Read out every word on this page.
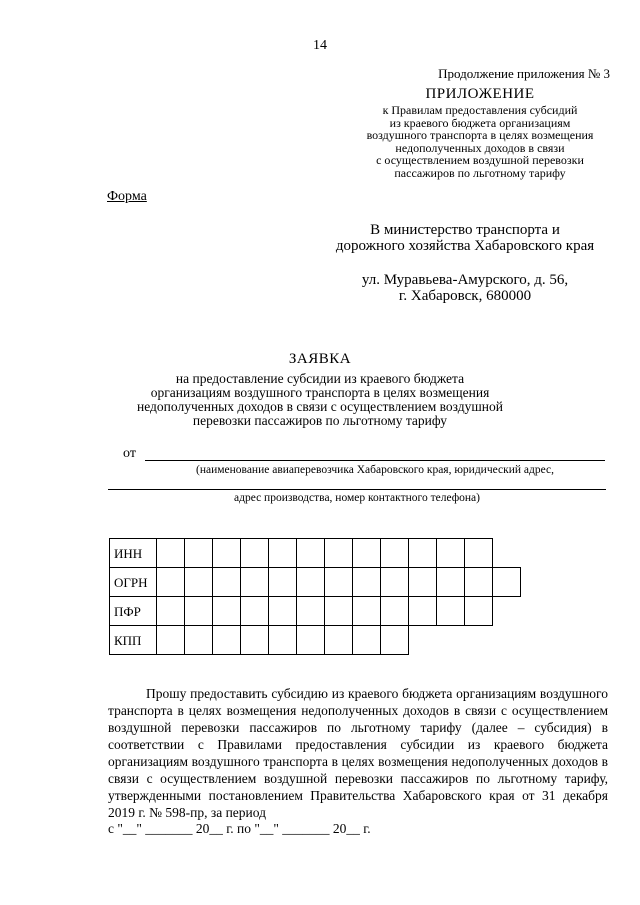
14
Продолжение приложения № 3
ПРИЛОЖЕНИЕ
к Правилам предоставления субсидий
из краевого бюджета организациям
воздушного транспорта в целях возмещения
недополученных доходов в связи
с осуществлением воздушной перевозки
пассажиров по льготному тарифу
Форма
В министерство транспорта и
дорожного хозяйства Хабаровского края
ул. Муравьева-Амурского, д. 56,
г. Хабаровск, 680000
ЗАЯВКА
на предоставление субсидии из краевого бюджета
организациям воздушного транспорта в целях возмещения
недополученных доходов в связи с осуществлением воздушной
перевозки пассажиров по льготному тарифу
от
(наименование авиаперевозчика Хабаровского края, юридический адрес,
адрес производства, номер контактного телефона)
ИНН
ОГРН
ПФР
КПП

Прошу предоставить субсидию из краевого бюджета организациям воздушного транспорта в целях возмещения недополученных доходов в связи с осуществлением воздушной перевозки пассажиров по льготному тарифу (далее – субсидия) в соответствии с Правилами предоставления субсидии из краевого бюджета организациям воздушного транспорта в целях возмещения недополученных доходов в связи с осуществлением воздушной перевозки пассажиров по льготному тарифу, утвержденными постановлением Правительства Хабаровского края от 31 декабря 2019 г. № 598-пр, за период

с "__" _______ 20__ г. по "__" _______ 20__ г.
